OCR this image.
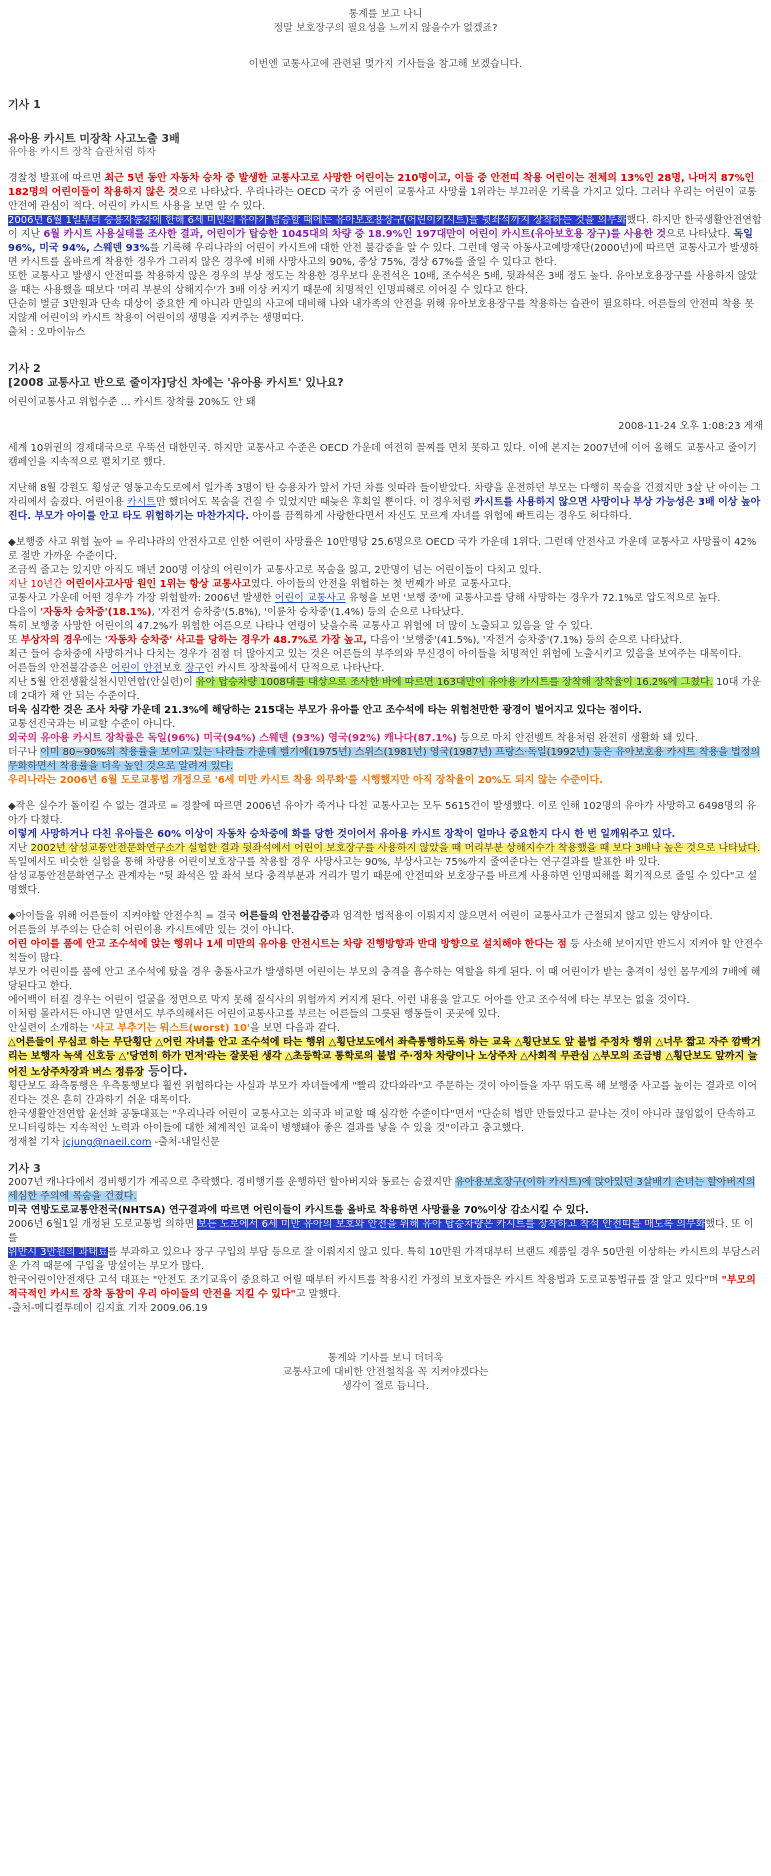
통계를 보고 나니

정말 보호장구의 필요성을 느끼지 않을수가 없겠죠?

이번엔 교통사고에 관련된 몇가지 기사들을 참고해 보겠습니다.

기사 1

유아용 카시트 미장착 사고노출 3배

유아용 카시트 장착 습관처럼 하자

경찰청 발표에 따르면 최근 5년 동안 자동차 승차 중 발생한 교통사고로 사망한 어린이는 210명이고, 이들 중 안전띠 착용 어린이는 전체의 13%인 28명, 나머지 87%인 182명의 어린이들이 착용하지 않은 것으로 나타났다. 우리나라는 OECD 국가 중 어린이 교통사고 사망률 1위라는 부끄러운 기록을 가지고 있다. 그러나 우리는 어린이 교통안전에 관심이 적다. 어린이 카시트 사용을 보면 알 수 있다.

2006년 6월 1일부터 승용자동차에 한해 6세 미만의 유아가 탑승할 때에는 유아보호용장구(어린이카시트)를 뒷좌석까지 장착하는 것을 의무화했다. 하지만 한국생활안전연합이 지난 6월 카시트 사용실태를 조사한 결과, 어린이가 탑승한 1045대의 차량 중 18.9%인 197대만이 어린이 카시트(유아보호용 장구)를 사용한 것으로 나타났다. 독일 96%, 미국 94%, 스웨덴 93%를 기록해 우리나라의 어린이 카시트에 대한 안전 불감증을 알 수 있다. 그런데 영국 아동사고예방재단(2000년)에 따르면 교통사고가 발생하면 카시트를 올바르게 착용한 경우가 그러지 않은 경우에 비해 사망사고의 90%, 중상 75%, 경상 67%를 줄일 수 있다고 한다.

또한 교통사고 발생시 안전띠를 착용하지 않은 경우의 부상 정도는 착용한 경우보다 운전석은 10배, 조수석은 5배, 뒷좌석은 3배 정도 높다. 유아보호용장구를 사용하지 않았을 때는 사용했을 때보다 '머리 부분의 상해지수'가 3배 이상 커지기 때문에 치명적인 인명피해로 이어질 수 있다고 한다.

단순히 벌금 3만원과 단속 대상이 중요한 게 아니라 만일의 사고에 대비해 나와 내가족의 안전을 위해 유아보호용장구를 착용하는 습관이 필요하다. 어른들의 안전띠 착용 못지않게 어린이의 카시트 착용이 어린이의 생명을 지켜주는 생명띠다.

출처 : 오마이뉴스

기사 2

[2008 교통사고 반으로 줄이자]당신 차에는 '유아용 카시트' 있나요?

어린이교통사고 위험수준 … 카시트 장착률 20%도 안 돼

2008-11-24 오후 1:08:23 게재

세계 10위권의 경제대국으로 우뚝선 대한민국. 하지만 교통사고 수준은 OECD 가운데 여전히 꼴찌를 면치 못하고 있다. 이에 본지는 2007년에 이어 올해도 교통사고 줄이기 캠페인을 지속적으로 펼치기로 했다.

지난해 8월 강원도 횡성군 영동고속도로에서 일가족 3명이 탄 승용차가 앞서 가던 차를 잇따라 들이받았다. 차량을 운전하던 부모는 다행히 목숨을 건졌지만 3살 난 아이는 그 자리에서 숨졌다. 어린이용 카시트만 했더어도 목숨을 건질 수 있었지만 때늦은 후회일 뿐이다. 이 경우처럼 카시트를 사용하지 않으면 사망이나 부상 가능성은 3배 이상 높아진다. 부모가 아이를 안고 타도 위험하기는 마찬가지다. 아이를 끔찍하게 사랑한다면서 자신도 모르게 자녀를 위험에 빠트리는 경우도 허다하다.

◆보행중 사고 위험 높아 = 우리나라의 안전사고로 인한 어린이 사망률은 10만명당 25.6명으로 OECD 국가 가운데 1위다. 그런데 안전사고 가운데 교통사고 사망률이 42%로 절반 가까운 수준이다.

조금씩 줄고는 있지만 아직도 매년 200명 이상의 어린이가 교통사고로 목숨을 잃고, 2만명이 넘는 어린이들이 다치고 있다.

지난 10년간 어린이사고사망 원인 1위는 항상 교통사고였다. 아이들의 안전을 위협하는 첫 번째가 바로 교통사고다.

교통사고 가운데 어떤 경우가 가장 위험할까: 2006년 발생한 어린이 교통사고 유형을 보면 '보행 중'에 교통사고를 당해 사망하는 경우가 72.1%로 압도적으로 높다.

다음이 '자동차 승차중'(18.1%), '자전거 승차중'(5.8%), '이륜차 승차중'(1.4%) 등의 순으로 나타났다.

특히 보행중 사망한 어린이의 47.2%가 위험한 어른으로 나타나 연령이 낮을수록 교통사고 위험에 더 많이 노출되고 있음을 알 수 있다.

또 부상자의 경우에는 '자동차 승차중' 사고를 당하는 경우가 48.7%로 가장 높고, 다음이 '보행중'(41.5%), '자전거 승차중'(7.1%) 등의 순으로 나타났다.

최근 들어 승차중에 사망하거나 다치는 경우가 점점 더 많아지고 있는 것은 어른들의 부주의와 무신경이 아이들을 치명적인 위험에 노출시키고 있음을 보여주는 대목이다.

어른들의 안전불감증은 어린이 안전보호 장구인 카시트 장착률에서 단적으로 나타난다.

지난 5월 안전생활실천시민연합(안실련)이 유아 탑승차량 1008대를 대상으로 조사한 바에 따르면 163대만이 유아용 카시트를 장착해 장착율이 16.2%에 그쳤다. 10대 가운데 2대가 채 안 되는 수준이다.

더욱 심각한 것은 조사 차량 가운데 21.3%에 해당하는 215대는 부모가 유아를 안고 조수석에 타는 위험천만한 광경이 벌어지고 있다는 점이다.

교통선진국과는 비교할 수준이 아니다.

외국의 유아용 카시트 장착률은 독일(96%) 미국(94%) 스웨덴 (93%) 영국(92%) 캐나다(87.1%) 등으로 마치 안전벨트 착용처럼 완전히 생활화 돼 있다.

더구나 이미 80~90%의 착용률을 보이고 있는 나라들 가운데 벨기에(1975년) 스위스(1981년) 영국(1987년) 프랑스·독일(1992년) 등은 유아보호용 카시트 착용을 법정의무화하면서 착용률을 더욱 높인 것으로 알려져 있다.

우리나라는 2006년 6월 도로교통법 개정으로 '6세 미만 카시트 착용 의무화'를 시행했지만 아직 장착율이 20%도 되지 않는 수준이다.

◆작은 실수가 돌이킬 수 없는 결과로 = 경찰에 따르면 2006년 유아가 죽거나 다친 교통사고는 모두 5615건이 발생했다. 이로 인해 102명의 유아가 사망하고 6498명의 유아가 다쳤다.

이렇게 사망하거나 다친 유아들은 60% 이상이 자동차 승차중에 화를 당한 것이어서 유아용 카시트 장착이 얼마나 중요한지 다시 한 번 일깨워주고 있다.

지난 2002년 삼성교통안전문화연구소가 실험한 결과 뒷좌석에서 어린이 보호장구를 사용하지 않았을 때 머리부분 상해지수가 착용했을 때 보다 3배나 높은 것으로 나타났다.

독일에서도 비슷한 실험을 통해 차량용 어린이보호장구를 착용할 경우 사망사고는 90%, 부상사고는 75%까지 줄여준다는 연구결과를 발표한 바 있다.

삼성교통안전문화연구소 관계자는 "뒷 좌석은 앞 좌석 보다 충격부분과 거리가 멀기 때문에 안전띠와 보호장구를 바르게 사용하면 인명피해를 획기적으로 줄일 수 있다"고 설명했다.

◆아이들을 위해 어른들이 지켜야할 안전수칙 = 결국 어른들의 안전불감증과 엄격한 법적용이 이뤄지지 않으면서 어린이 교통사고가 근절되지 않고 있는 양상이다.

어른들의 부주의는 단순히 어린이용 카시트에만 있는 것이 아니다.

어린 아이를 품에 안고 조수석에 앉는 행위나 1세 미만의 유아용 안전시트는 차량 진행방향과 반대 방향으로 설치해야 한다는 점 등 사소해 보이지만 반드시 지켜야 할 안전수칙들이 많다.

부모가 어린이를 품에 안고 조수석에 탔을 경우 충돌사고가 발생하면 어린이는 부모의 충격을 흡수하는 역할을 하게 된다. 이 때 어린이가 받는 충격이 성인 몸무게의 7배에 해당된다고 한다.

에어백이 터질 경우는 어린이 얼굴을 정면으로 막지 못해 질식사의 위험까지 커지게 된다. 이런 내용을 알고도 어아를 안고 조수석에 타는 부모는 없을 것이다.

이처럼 몰라서든 아니면 알면서도 부주의해서든 어린이교통사고를 부르는 어른들의 그릇된 행동들이 곳곳에 있다.

안실련이 소개하는 '사고 부추기는 워스트(worst) 10'을 보면 다음과 같다.

△어른들이 무심코 하는 무단횡단 △어린 자녀를 안고 조수석에 타는 행위 △횡단보도에서 좌측통행하도록 하는 교육 △횡단보도 앞 불법 주정차 행위 △너무 짧고 자주 깜빡거리는 보행자 녹색 신호등 △'당연히 하가 먼저'라는 잘못된 생각 △초등학교 통학로의 불법 주·정차 차량이나 노상주차 △사회적 무관심 △부모의 조급병 △횡단보도 앞까지 늘어진 노상주차장과 버스 정류장 등이다.

횡단보도 좌측통행은 우측통행보다 훨씬 위험하다는 사실과 부모가 자녀들에게 "빨리 갔다와라"고 주문하는 것이 아이들을 자꾸 뛰도록 해 보행중 사고를 높이는 결과로 이어진다는 것은 흔히 간과하기 쉬운 대목이다.

한국생활안전연합 윤선화 공동대표는 "우리나라 어린이 교통사고는 외국과 비교할 때 심각한 수준이다"면서 "단순히 법만 만들었다고 끝나는 것이 아니라 끊임없이 단속하고 모니터링하는 지속적인 노력과 아이들에 대한 체계적인 교육이 병행돼야 좋은 결과를 낳을 수 있을 것"이라고 충고했다.

정재철 기자 jcjung@naeil.com -출처-내일신문

기사 3

2007년 캐나다에서 경비행기가 계곡으로 추락했다. 경비행기를 운행하던 할아버지와 동료는 숨졌지만 유아용보호장구(이하 카시트)에 앉아있던 3살배기 손녀는 할아버지의 세심한 주의에 목숨을 건졌다.

미국 연방도로교통안전국(NHTSA) 연구결과에 따르면 어린이들이 카시트를 올바로 착용하면 사망률을 70%이상 감소시킬 수 있다.

2006년 6월1일 개정된 도로교통법 의하면 보든 도로에서 6세 미만 유아의 보호와 안전을 위해 유아 탑승차량은 카시트를 장착하고 착석 안전띠를 매도록 의무화했다. 또 이를

위반시 3만원의 과태료를 부과하고 있으나 장구 구입의 부담 등으로 잘 이뤄지지 않고 있다. 특히 10만원 가격대부터 브랜드 제품일 경우 50만원 이상하는 카시트의 부담스러운 가격 때문에 구입을 망설이는 부모가 많다.

한국어린이안전재단 고석 대표는 "안전도 조기교육이 중요하고 어릴 때부터 카시트를 착용시킨 가정의 보호자들은 카시트 착용법과 도로교통법규를 잘 알고 있다"며 "부모의 적극적인 카시트 장착 동참이 우리 아이들의 안전을 지킬 수 있다"고 말했다.

-출처-메디컬투데이 김지효 기자 2009.06.19

통계와 기사를 보니 더더욱

교통사고에 대비한 안전철칙을 꼭 지켜야겠다는

생각이 절로 듭니다.
